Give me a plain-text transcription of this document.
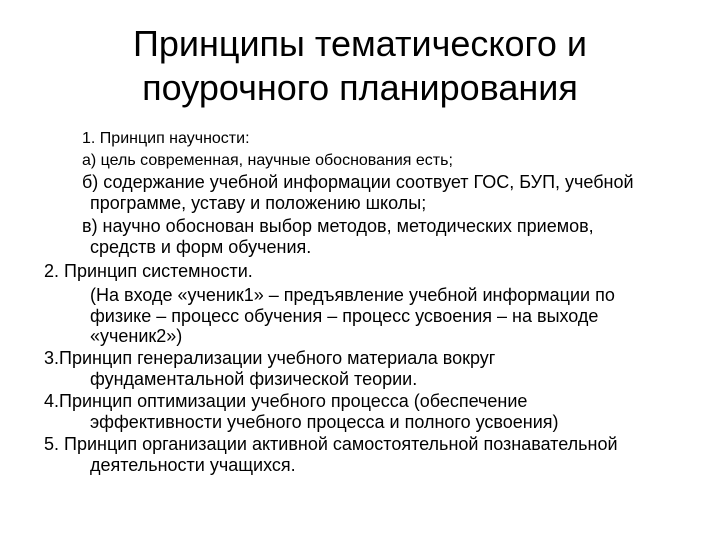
Принципы тематического и
поурочного планирования
1. Принцип научности:
а) цель современная, научные обоснования есть;
б) содержание учебной информации соотвует ГОС, БУП, учебной
программе, уставу и положению школы;
в) научно обоснован выбор методов, методических приемов,
средств и форм обучения.
2. Принцип системности.
(На входе «ученик1» – предъявление учебной информации по
физике – процесс обучения – процесс усвоения – на выходе
«ученик2»)
3.Принцип генерализации учебного материала вокруг
фундаментальной физической теории.
4.Принцип оптимизации учебного процесса (обеспечение
эффективности учебного процесса и полного усвоения)
5. Принцип организации активной самостоятельной познавательной
деятельности учащихся.
